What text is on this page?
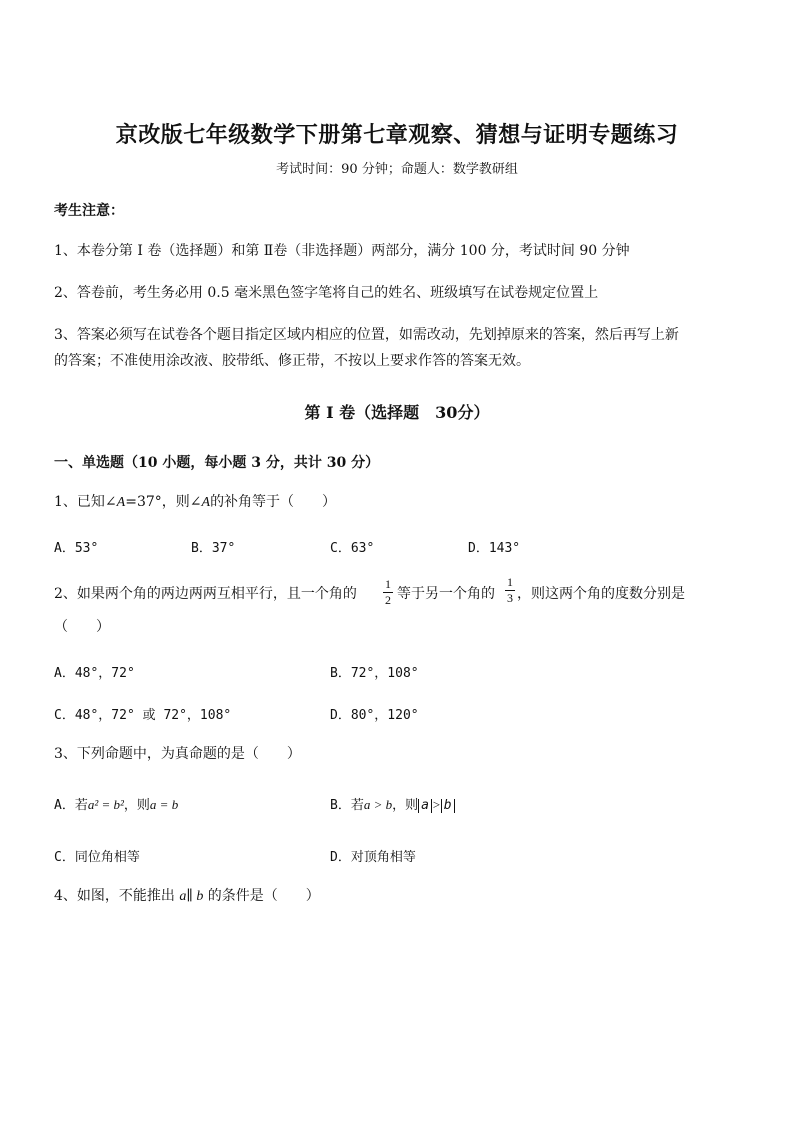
京改版七年级数学下册第七章观察、猜想与证明专题练习
考试时间：90 分钟；命题人：数学教研组
考生注意：
1、本卷分第 I 卷（选择题）和第 Ⅱ卷（非选择题）两部分，满分 100 分，考试时间 90 分钟
2、答卷前，考生务必用 0.5 毫米黑色签字笔将自己的姓名、班级填写在试卷规定位置上
3、答案必须写在试卷各个题目指定区域内相应的位置，如需改动，先划掉原来的答案，然后再写上新
的答案；不准使用涂改液、胶带纸、修正带，不按以上要求作答的答案无效。
第 I 卷（选择题　30分）
一、单选题（10 小题，每小题 3 分，共计 30 分）
1、已知∠A=37°，则∠A的补角等于（　　）
A．53°	B．37°	C．63°	D．143°
2、如果两个角的两边两两互相平行，且一个角的
1
2 等于另一个角的
1
3 ，则这两个角的度数分别是
（　　）
A．48°，72°	B．72°，108°
C．48°，72° 或 72°，108°	D．80°，120°
3、下列命题中，为真命题的是（　　）
A．若a² = b²，则a = b	B．若a > b，则 a > b
C．同位角相等	D．对顶角相等
4、如图，不能推出 a∥ b 的条件是（　　）
